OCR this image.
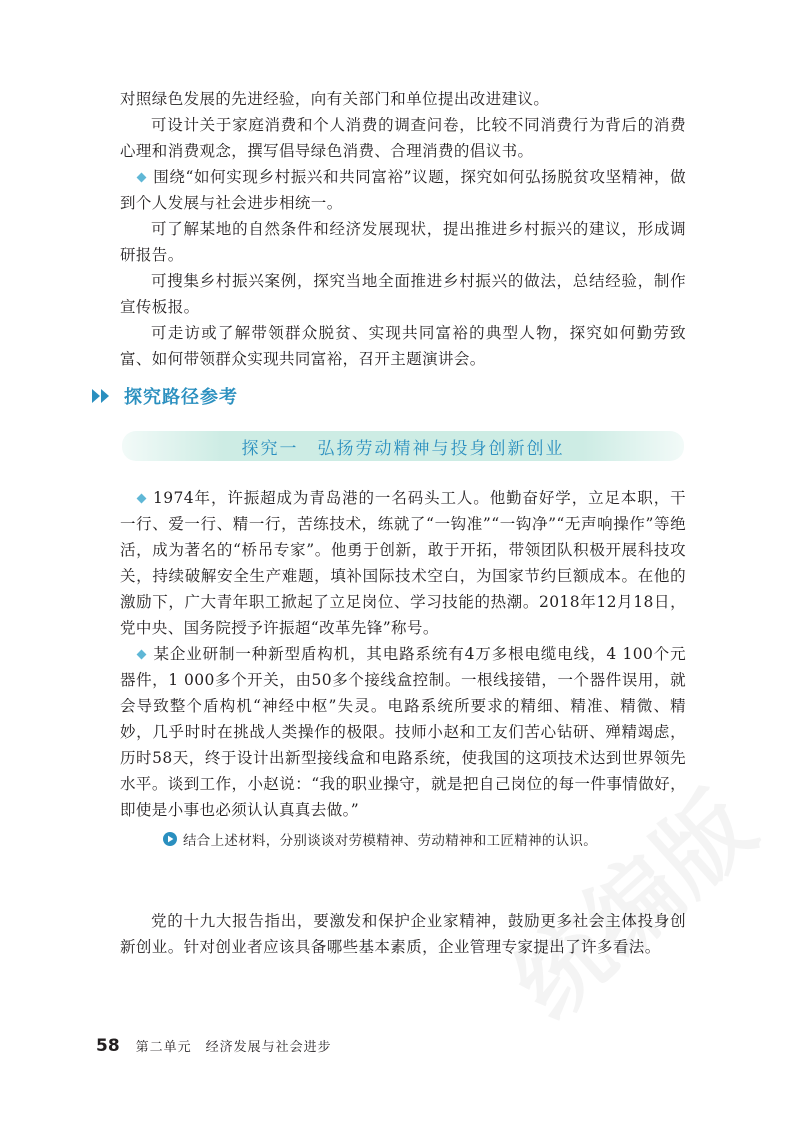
对照绿色发展的先进经验，向有关部门和单位提出改进建议。

可设计关于家庭消费和个人消费的调查问卷，比较不同消费行为背后的消费心理和消费观念，撰写倡导绿色消费、合理消费的倡议书。

围绕“如何实现乡村振兴和共同富裕”议题，探究如何弘扬脱贫攻坚精神，做到个人发展与社会进步相统一。

可了解某地的自然条件和经济发展现状，提出推进乡村振兴的建议，形成调研报告。

可搜集乡村振兴案例，探究当地全面推进乡村振兴的做法，总结经验，制作宣传板报。

可走访或了解带领群众脱贫、实现共同富裕的典型人物，探究如何勤劳致富、如何带领群众实现共同富裕，召开主题演讲会。

探究路径参考
探究一　弘扬劳动精神与投身创新创业

1974年，许振超成为青岛港的一名码头工人。他勤奋好学，立足本职，干一行、爱一行、精一行，苦练技术，练就了“一钩准”“一钩净”“无声响操作”等绝活，成为著名的“桥吊专家”。他勇于创新，敢于开拓，带领团队积极开展科技攻关，持续破解安全生产难题，填补国际技术空白，为国家节约巨额成本。在他的激励下，广大青年职工掀起了立足岗位、学习技能的热潮。2018年12月18日，党中央、国务院授予许振超“改革先锋”称号。

某企业研制一种新型盾构机，其电路系统有4万多根电缆电线，4 100个元器件，1 000多个开关，由50多个接线盒控制。一根线接错，一个器件误用，就会导致整个盾构机“神经中枢”失灵。电路系统所要求的精细、精准、精微、精妙，几乎时时在挑战人类操作的极限。技师小赵和工友们苦心钻研、殚精竭虑，历时58天，终于设计出新型接线盒和电路系统，使我国的这项技术达到世界领先水平。谈到工作，小赵说：“我的职业操守，就是把自己岗位的每一件事情做好，即使是小事也必须认认真真去做。”

结合上述材料，分别谈谈对劳模精神、劳动精神和工匠精神的认识。

党的十九大报告指出，要激发和保护企业家精神，鼓励更多社会主体投身创新创业。针对创业者应该具备哪些基本素质，企业管理专家提出了许多看法。

58 第二单元　经济发展与社会进步
